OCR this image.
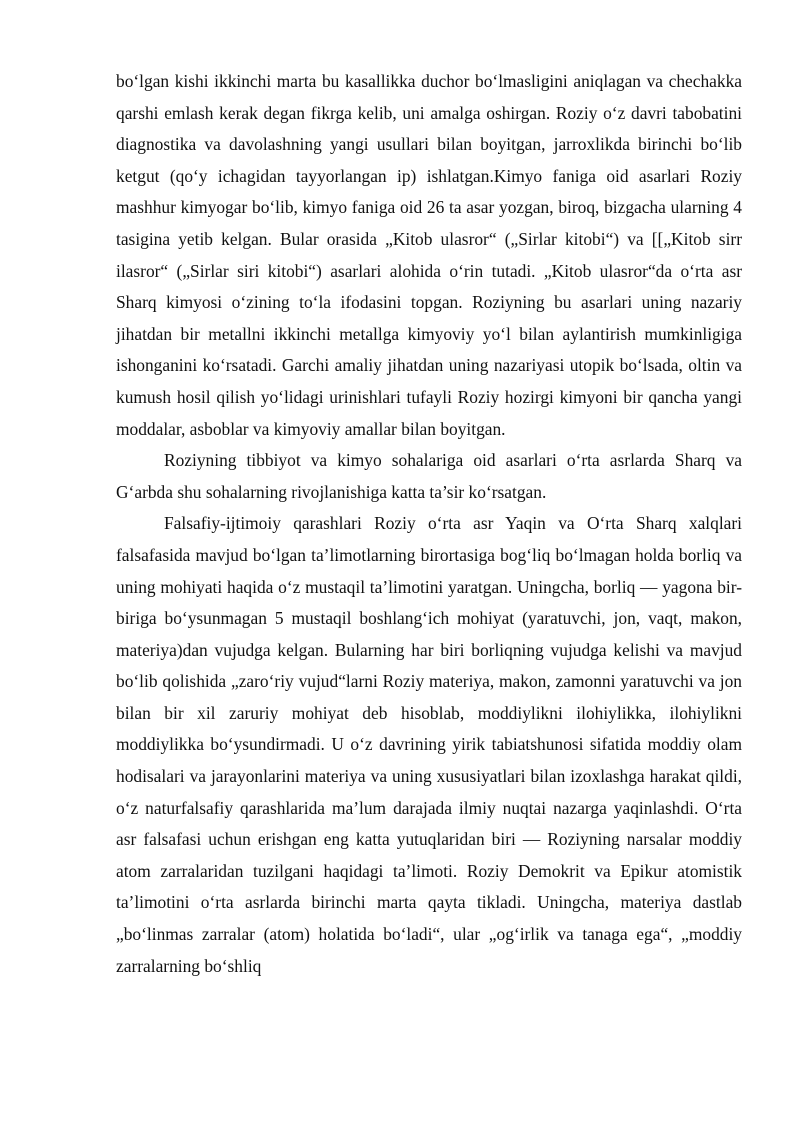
bo‘lgan kishi ikkinchi marta bu kasallikka duchor bo‘lmasligini aniqlagan va chechakka qarshi emlash kerak degan fikrga kelib, uni amalga oshirgan. Roziy o‘z davri tabobatini diagnostika va davolashning yangi usullari bilan boyitgan, jarroxlikda birinchi bo‘lib ketgut (qo‘y ichagidan tayyorlangan ip) ishlatgan.Kimyo faniga oid asarlari Roziy mashhur kimyogar bo‘lib, kimyo faniga oid 26 ta asar yozgan, biroq, bizgacha ularning 4 tasigina yetib kelgan. Bular orasida „Kitob ulasror“ („Sirlar kitobi“) va [[„Kitob sirr ilasror“ („Sirlar siri kitobi“) asarlari alohida o‘rin tutadi. „Kitob ulasror“da o‘rta asr Sharq kimyosi o‘zining to‘la ifodasini topgan. Roziyning bu asarlari uning nazariy jihatdan bir metallni ikkinchi metallga kimyoviy yo‘l bilan aylantirish mumkinligiga ishonganini ko‘rsatadi. Garchi amaliy jihatdan uning nazariyasi utopik bo‘lsada, oltin va kumush hosil qilish yo‘lidagi urinishlari tufayli Roziy hozirgi kimyoni bir qancha yangi moddalar, asboblar va kimyoviy amallar bilan boyitgan.

Roziyning tibbiyot va kimyo sohalariga oid asarlari o‘rta asrlarda Sharq va G‘arbda shu sohalarning rivojlanishiga katta ta’sir ko‘rsatgan.

Falsafiy-ijtimoiy qarashlari Roziy o‘rta asr Yaqin va O‘rta Sharq xalqlari falsafasida mavjud bo‘lgan ta’limotlarning birortasiga bog‘liq bo‘lmagan holda borliq va uning mohiyati haqida o‘z mustaqil ta’limotini yaratgan. Uningcha, borliq — yagona bir-biriga bo‘ysunmagan 5 mustaqil boshlang‘ich mohiyat (yaratuvchi, jon, vaqt, makon, materiya)dan vujudga kelgan. Bularning har biri borliqning vujudga kelishi va mavjud bo‘lib qolishida „zaro‘riy vujud“larni Roziy materiya, makon, zamonni yaratuvchi va jon bilan bir xil zaruriy mohiyat deb hisoblab, moddiylikni ilohiylikka, ilohiylikni moddiylikka bo‘ysundirmadi. U o‘z davrining yirik tabiatshunosi sifatida moddiy olam hodisalari va jarayonlarini materiya va uning xususiyatlari bilan izoxlashga harakat qildi, o‘z naturfalsafiy qarashlarida ma’lum darajada ilmiy nuqtai nazarga yaqinlashdi. O‘rta asr falsafasi uchun erishgan eng katta yutuqlaridan biri — Roziyning narsalar moddiy atom zarralaridan tuzilgani haqidagi ta’limoti. Roziy Demokrit va Epikur atomistik ta’limotini o‘rta asrlarda birinchi marta qayta tikladi. Uningcha, materiya dastlab „bo‘linmas zarralar (atom) holatida bo‘ladi“, ular „og‘irlik va tanaga ega“, „moddiy zarralarning bo‘shliq
